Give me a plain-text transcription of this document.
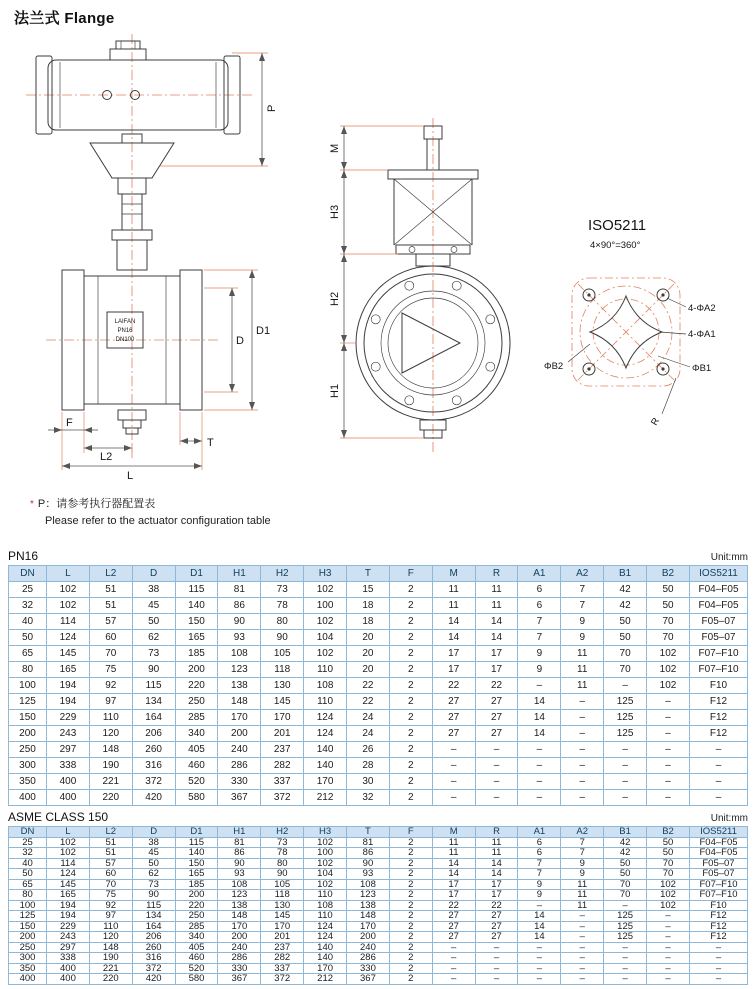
法兰式 Flange
LAIFAN
PN16
DN100
P
D
D1
F
L2
T
L
M
H3
H2
H1
ISO5211
4×90°=360°
4-ΦA2
4-ΦA1
ΦB1
ΦB2
R
* P：请参考执行器配置表
Please refer to the actuator configuration table
PN16	Unit:mm
DN	L	L2	D	D1	H1	H2	H3	T	F	M	R	A1	A2	B1	B2	IOS5211
25	102	51	38	115	81	73	102	15	2	11	11	6	7	42	50	F04–F05
32	102	51	45	140	86	78	100	18	2	11	11	6	7	42	50	F04–F05
40	114	57	50	150	90	80	102	18	2	14	14	7	9	50	70	F05–07
50	124	60	62	165	93	90	104	20	2	14	14	7	9	50	70	F05–07
65	145	70	73	185	108	105	102	20	2	17	17	9	11	70	102	F07–F10
80	165	75	90	200	123	118	110	20	2	17	17	9	11	70	102	F07–F10
100	194	92	115	220	138	130	108	22	2	22	22	–	11	–	102	F10
125	194	97	134	250	148	145	110	22	2	27	27	14	–	125	–	F12
150	229	110	164	285	170	170	124	24	2	27	27	14	–	125	–	F12
200	243	120	206	340	200	201	124	24	2	27	27	14	–	125	–	F12
250	297	148	260	405	240	237	140	26	2	–	–	–	–	–	–	–
300	338	190	316	460	286	282	140	28	2	–	–	–	–	–	–	–
350	400	221	372	520	330	337	170	30	2	–	–	–	–	–	–	–
400	400	220	420	580	367	372	212	32	2	–	–	–	–	–	–	–
ASME CLASS 150	Unit:mm
DN	L	L2	D	D1	H1	H2	H3	T	F	M	R	A1	A2	B1	B2	IOS5211
25	102	51	38	115	81	73	102	81	2	11	11	6	7	42	50	F04–F05
32	102	51	45	140	86	78	100	86	2	11	11	6	7	42	50	F04–F05
40	114	57	50	150	90	80	102	90	2	14	14	7	9	50	70	F05–07
50	124	60	62	165	93	90	104	93	2	14	14	7	9	50	70	F05–07
65	145	70	73	185	108	105	102	108	2	17	17	9	11	70	102	F07–F10
80	165	75	90	200	123	118	110	123	2	17	17	9	11	70	102	F07–F10
100	194	92	115	220	138	130	108	138	2	22	22	–	11	–	102	F10
125	194	97	134	250	148	145	110	148	2	27	27	14	–	125	–	F12
150	229	110	164	285	170	170	124	170	2	27	27	14	–	125	–	F12
200	243	120	206	340	200	201	124	200	2	27	27	14	–	125	–	F12
250	297	148	260	405	240	237	140	240	2	–	–	–	–	–	–	–
300	338	190	316	460	286	282	140	286	2	–	–	–	–	–	–	–
350	400	221	372	520	330	337	170	330	2	–	–	–	–	–	–	–
400	400	220	420	580	367	372	212	367	2	–	–	–	–	–	–	–
